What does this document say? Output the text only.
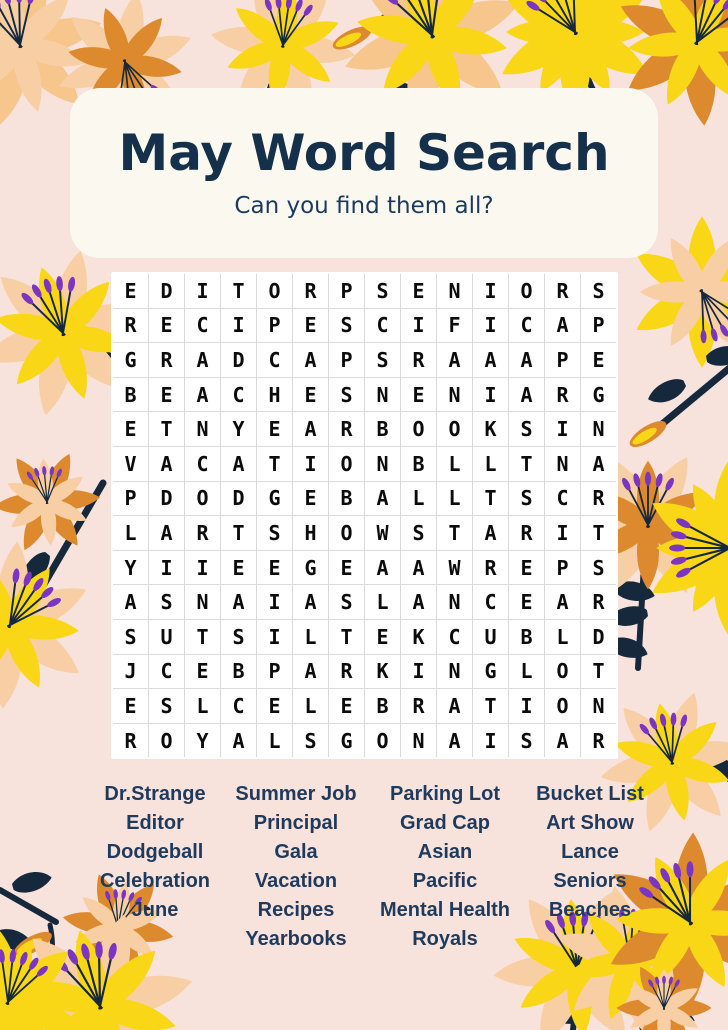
May Word Search

Can you find them all?

E	D	I	T	O	R	P	S	E	N	I	O	R	S
R	E	C	I	P	E	S	C	I	F	I	C	A	P
G	R	A	D	C	A	P	S	R	A	A	A	P	E
B	E	A	C	H	E	S	N	E	N	I	A	R	G
E	T	N	Y	E	A	R	B	O	O	K	S	I	N
V	A	C	A	T	I	O	N	B	L	L	T	N	A
P	D	O	D	G	E	B	A	L	L	T	S	C	R
L	A	R	T	S	H	O	W	S	T	A	R	I	T
Y	I	I	E	E	G	E	A	A	W	R	E	P	S
A	S	N	A	I	A	S	L	A	N	C	E	A	R
S	U	T	S	I	L	T	E	K	C	U	B	L	D
J	C	E	B	P	A	R	K	I	N	G	L	O	T
E	S	L	C	E	L	E	B	R	A	T	I	O	N
R	O	Y	A	L	S	G	O	N	A	I	S	A	R
Dr.Strange
Editor
Dodgeball
Celebration
June
Summer Job
Principal
Gala
Vacation
Recipes
Yearbooks
Parking Lot
Grad Cap
Asian
Pacific
Mental Health
Royals
Bucket List
Art Show
Lance
Seniors
Beaches
